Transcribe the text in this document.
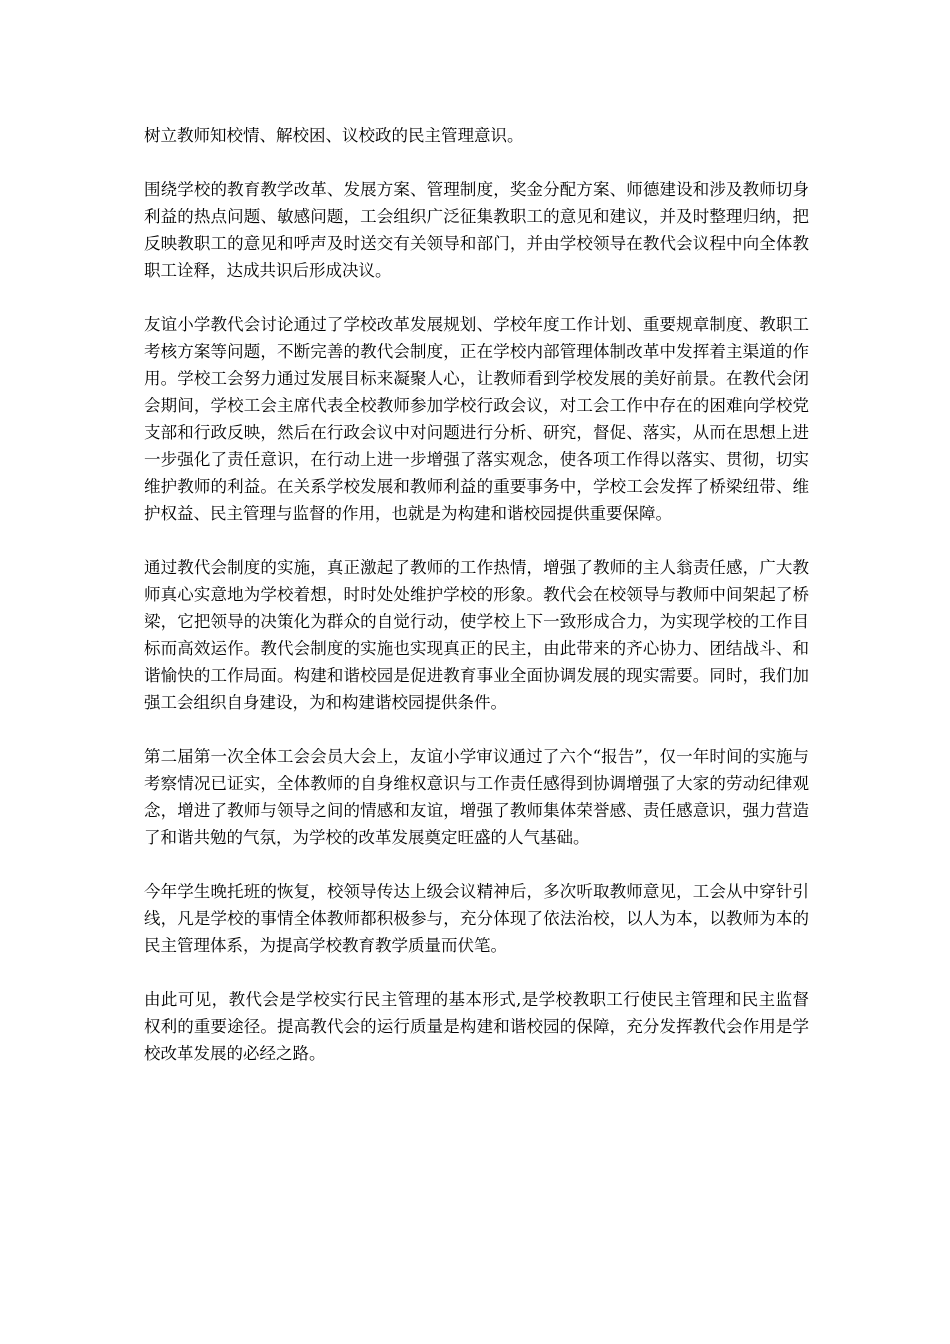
树立教师知校情、解校困、议校政的民主管理意识。

围绕学校的教育教学改革、发展方案、管理制度，奖金分配方案、师德建设和涉及教师切身利益的热点问题、敏感问题，工会组织广泛征集教职工的意见和建议，并及时整理归纳，把反映教职工的意见和呼声及时送交有关领导和部门，并由学校领导在教代会议程中向全体教职工诠释，达成共识后形成决议。

友谊小学教代会讨论通过了学校改革发展规划、学校年度工作计划、重要规章制度、教职工考核方案等问题，不断完善的教代会制度，正在学校内部管理体制改革中发挥着主渠道的作用。学校工会努力通过发展目标来凝聚人心，让教师看到学校发展的美好前景。在教代会闭会期间，学校工会主席代表全校教师参加学校行政会议，对工会工作中存在的困难向学校党支部和行政反映，然后在行政会议中对问题进行分析、研究，督促、落实，从而在思想上进一步强化了责任意识，在行动上进一步增强了落实观念，使各项工作得以落实、贯彻，切实维护教师的利益。在关系学校发展和教师利益的重要事务中，学校工会发挥了桥梁纽带、维护权益、民主管理与监督的作用，也就是为构建和谐校园提供重要保障。

通过教代会制度的实施，真正激起了教师的工作热情，增强了教师的主人翁责任感，广大教师真心实意地为学校着想，时时处处维护学校的形象。教代会在校领导与教师中间架起了桥梁，它把领导的决策化为群众的自觉行动，使学校上下一致形成合力，为实现学校的工作目标而高效运作。教代会制度的实施也实现真正的民主，由此带来的齐心协力、团结战斗、和谐愉快的工作局面。构建和谐校园是促进教育事业全面协调发展的现实需要。同时，我们加强工会组织自身建设，为和构建谐校园提供条件。

第二届第一次全体工会会员大会上，友谊小学审议通过了六个“报告”，仅一年时间的实施与考察情况已证实，全体教师的自身维权意识与工作责任感得到协调增强了大家的劳动纪律观念，增进了教师与领导之间的情感和友谊，增强了教师集体荣誉感、责任感意识，强力营造了和谐共勉的气氛，为学校的改革发展奠定旺盛的人气基础。

今年学生晚托班的恢复，校领导传达上级会议精神后，多次听取教师意见，工会从中穿针引线，凡是学校的事情全体教师都积极参与，充分体现了依法治校，以人为本，以教师为本的民主管理体系，为提高学校教育教学质量而伏笔。

由此可见，教代会是学校实行民主管理的基本形式,是学校教职工行使民主管理和民主监督权利的重要途径。提高教代会的运行质量是构建和谐校园的保障，充分发挥教代会作用是学校改革发展的必经之路。
